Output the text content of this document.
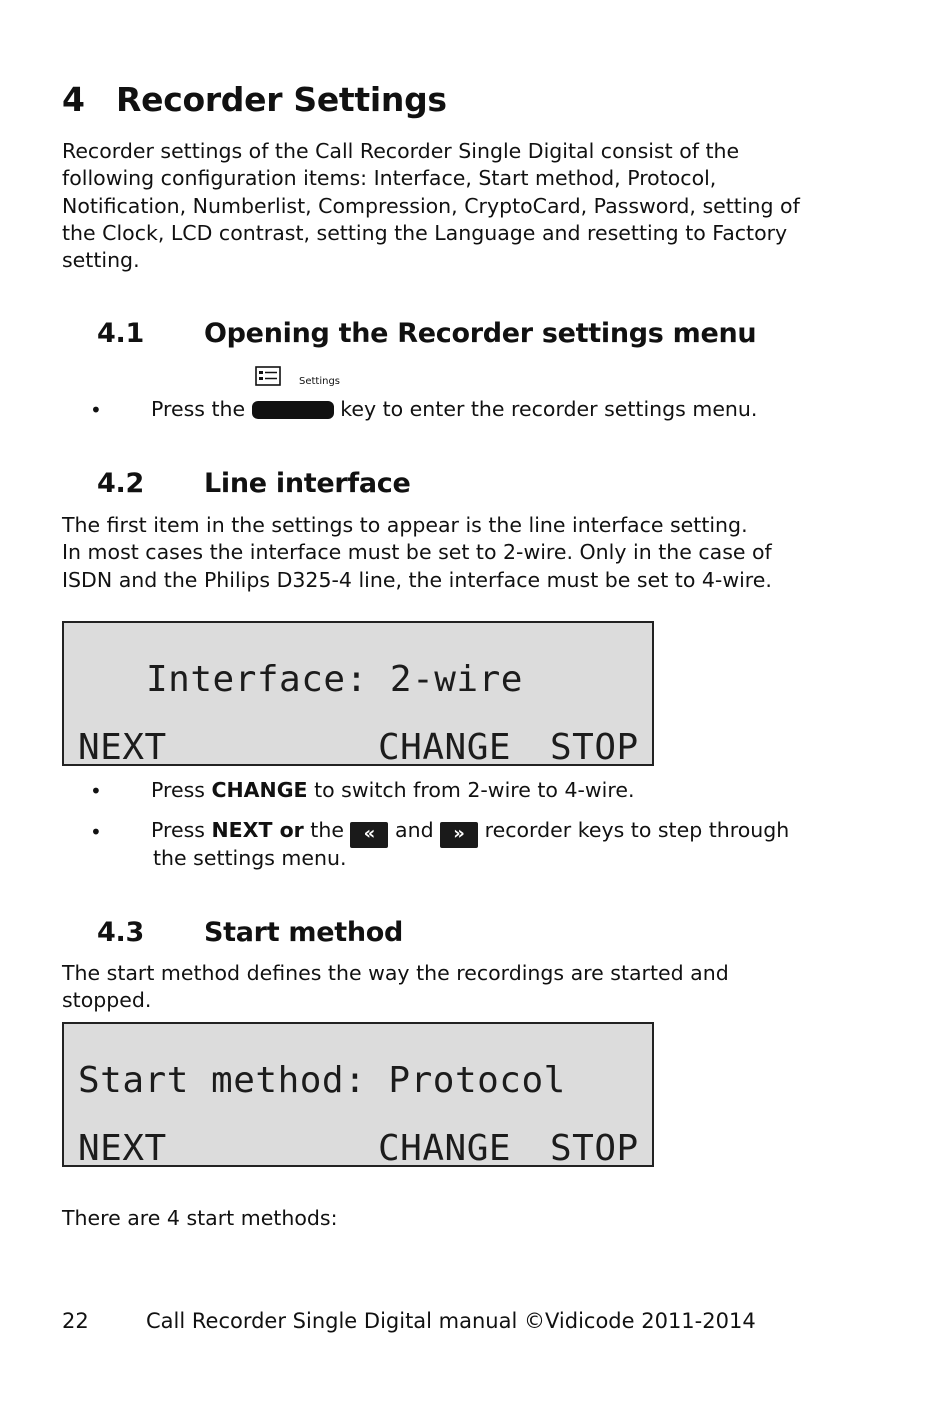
4 Recorder Settings
Recorder settings of the Call Recorder Single Digital consist of the
following configuration items: Interface, Start method, Protocol,
Notification, Numberlist, Compression, CryptoCard, Password, setting of
the Clock, LCD contrast, setting the Language and resetting to Factory
setting.
4.1 Opening the Recorder settings menu
Settings
• Press the	key to enter the recorder settings menu.
4.2 Line interface
The first item in the settings to appear is the line interface setting.
In most cases the interface must be set to 2-wire. Only in the case of
ISDN and the Philips D325-4 line, the interface must be set to 4-wire.
Interface: 2-wire
NEXT	CHANGE STOP
• Press CHANGE to switch from 2-wire to 4-wire.
• Press NEXT or the « and » recorder keys to step through
the settings menu.
4.3 Start method
The start method defines the way the recordings are started and
stopped.
Start method: Protocol
NEXT	CHANGE STOP
There are 4 start methods:
22	Call Recorder Single Digital manual ©Vidicode 2011-2014
